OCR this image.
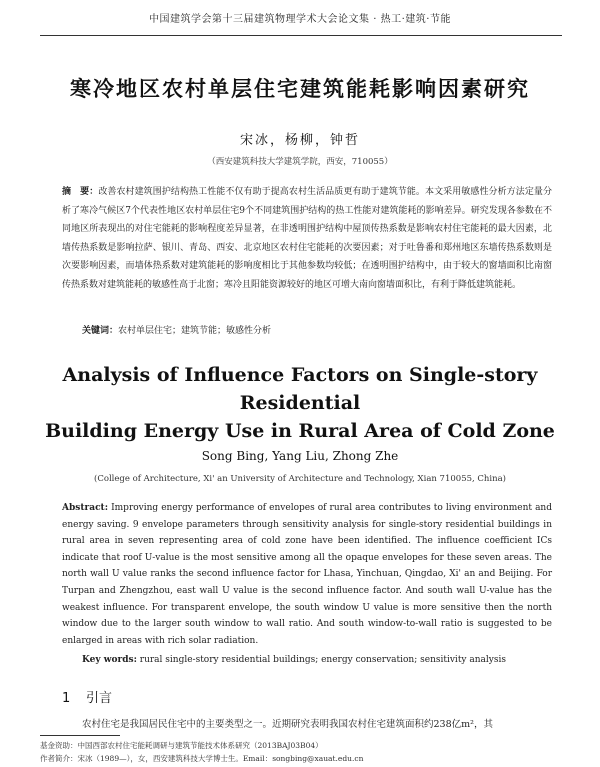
中国建筑学会第十三届建筑物理学术大会论文集 · 热工·建筑·节能
寒冷地区农村单层住宅建筑能耗影响因素研究
宋冰，杨柳，钟哲
（西安建筑科技大学建筑学院，西安，710055）
摘　要：改善农村建筑围护结构热工性能不仅有助于提高农村生活品质更有助于建筑节能。本文采用敏感性分析方法定量分析了寒冷气候区7个代表性地区农村单层住宅9个不同建筑围护结构的热工性能对建筑能耗的影响差异。研究发现各参数在不同地区所表现出的对住宅能耗的影响程度差异显著，在非透明围护结构中屋顶传热系数是影响农村住宅能耗的最大因素，北墙传热系数是影响拉萨、银川、青岛、西安、北京地区农村住宅能耗的次要因素；对于吐鲁番和郑州地区东墙传热系数则是次要影响因素，而墙体热系数对建筑能耗的影响度相比于其他参数均较低；在透明围护结构中，由于较大的窗墙面积比南窗传热系数对建筑能耗的敏感性高于北窗；寒冷且阳能资源较好的地区可增大南向窗墙面积比，有利于降低建筑能耗。
关键词：农村单层住宅；建筑节能；敏感性分析
Analysis of Influence Factors on Single-story Residential
Building Energy Use in Rural Area of Cold Zone
Song Bing, Yang Liu, Zhong Zhe
(College of Architecture, Xi' an University of Architecture and Technology, Xian 710055, China)
Abstract: Improving energy performance of envelopes of rural area contributes to living environment and energy saving. 9 envelope parameters through sensitivity analysis for single-story residential buildings in rural area in seven representing area of cold zone have been identified. The influence coefficient ICs indicate that roof U-value is the most sensitive among all the opaque envelopes for these seven areas. The north wall U value ranks the second influence factor for Lhasa, Yinchuan, Qingdao, Xi' an and Beijing. For Turpan and Zhengzhou, east wall U value is the second influence factor. And south wall U-value has the weakest influence. For transparent envelope, the south window U value is more sensitive then the north window due to the larger south window to wall ratio. And south window-to-wall ratio is suggested to be enlarged in areas with rich solar radiation.
Key words: rural single-story residential buildings; energy conservation; sensitivity analysis
1 引言
农村住宅是我国居民住宅中的主要类型之一。近期研究表明我国农村住宅建筑面积约238亿m²，其
基金资助：中国西部农村住宅能耗调研与建筑节能技术体系研究（2013BAJ03B04）
作者简介：宋冰（1989—），女，西安建筑科技大学博士生。Email：songbing@xauat.edu.cn
